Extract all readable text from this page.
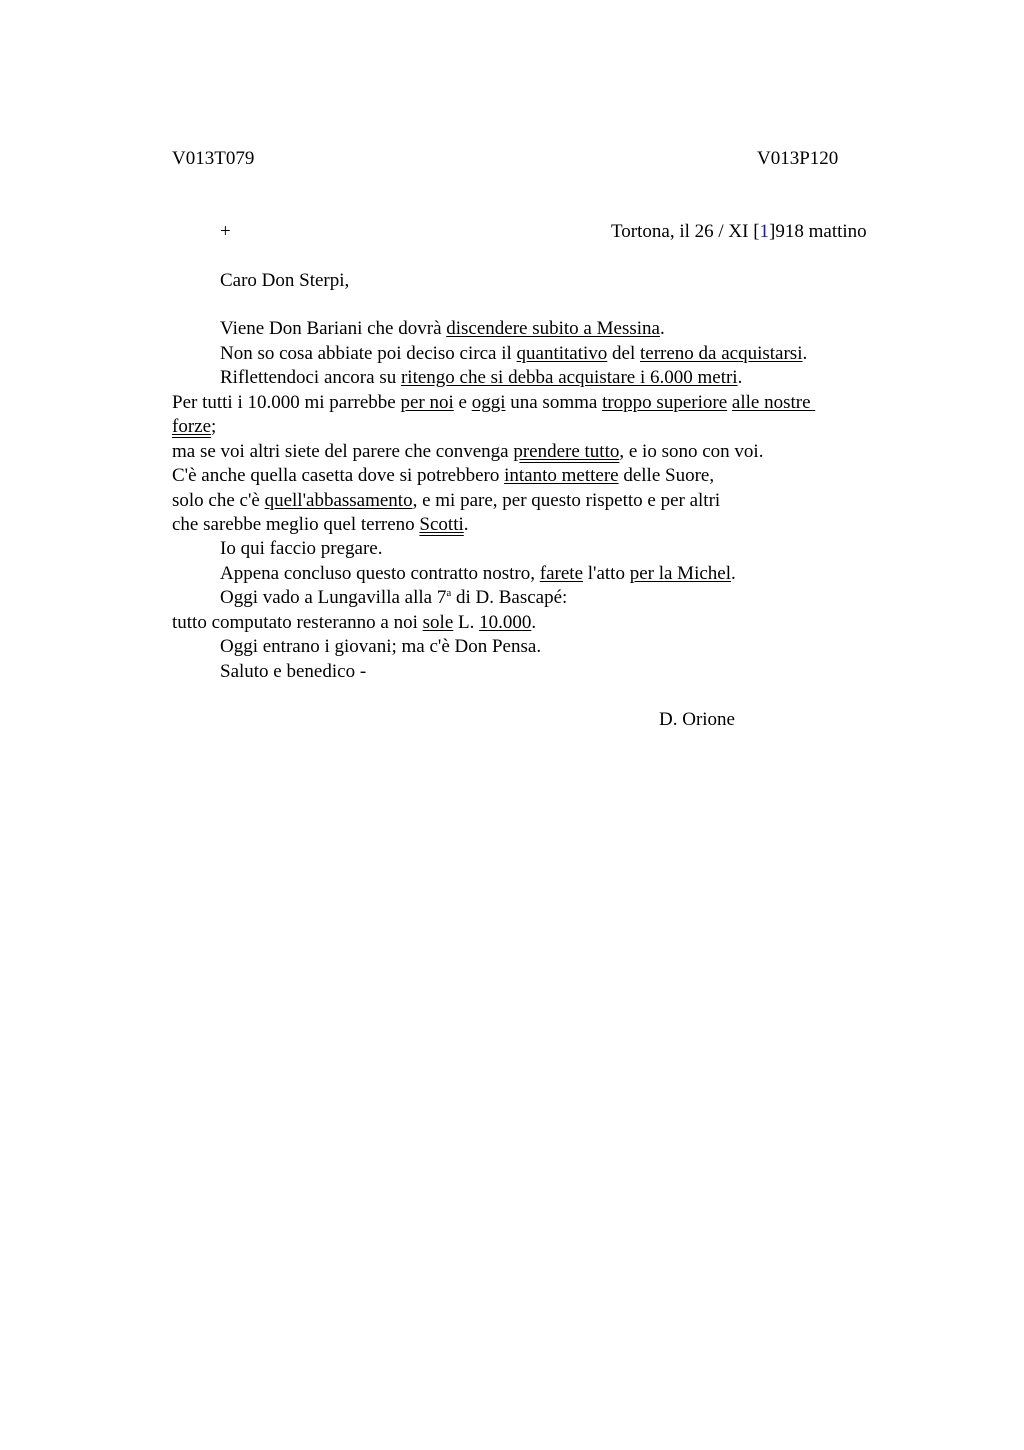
V013T079	V013P120
+	Tortona, il 26 / XI [1]918 mattino
Caro Don Sterpi,
Viene Don Bariani che dovrà discendere subito a Messina.
Non so cosa abbiate poi deciso circa il quantitativo del terreno da acquistarsi.
Riflettendoci ancora su ritengo che si debba acquistare i 6.000 metri.
Per tutti i 10.000 mi parrebbe per noi e oggi una somma troppo superiore alle nostre
forze;
ma se voi altri siete del parere che convenga prendere tutto, e io sono con voi.
C'è anche quella casetta dove si potrebbero intanto mettere delle Suore,
solo che c'è quell'abbassamento, e mi pare, per questo rispetto e per altri
che sarebbe meglio quel terreno Scotti.
Io qui faccio pregare.
Appena concluso questo contratto nostro, farete l'atto per la Michel.
Oggi vado a Lungavilla alla 7$^a$ di D. Bascapé:
tutto computato resteranno a noi sole L. 10.000.
Oggi entrano i giovani; ma c'è Don Pensa.
Saluto e benedico -
D. Orione
